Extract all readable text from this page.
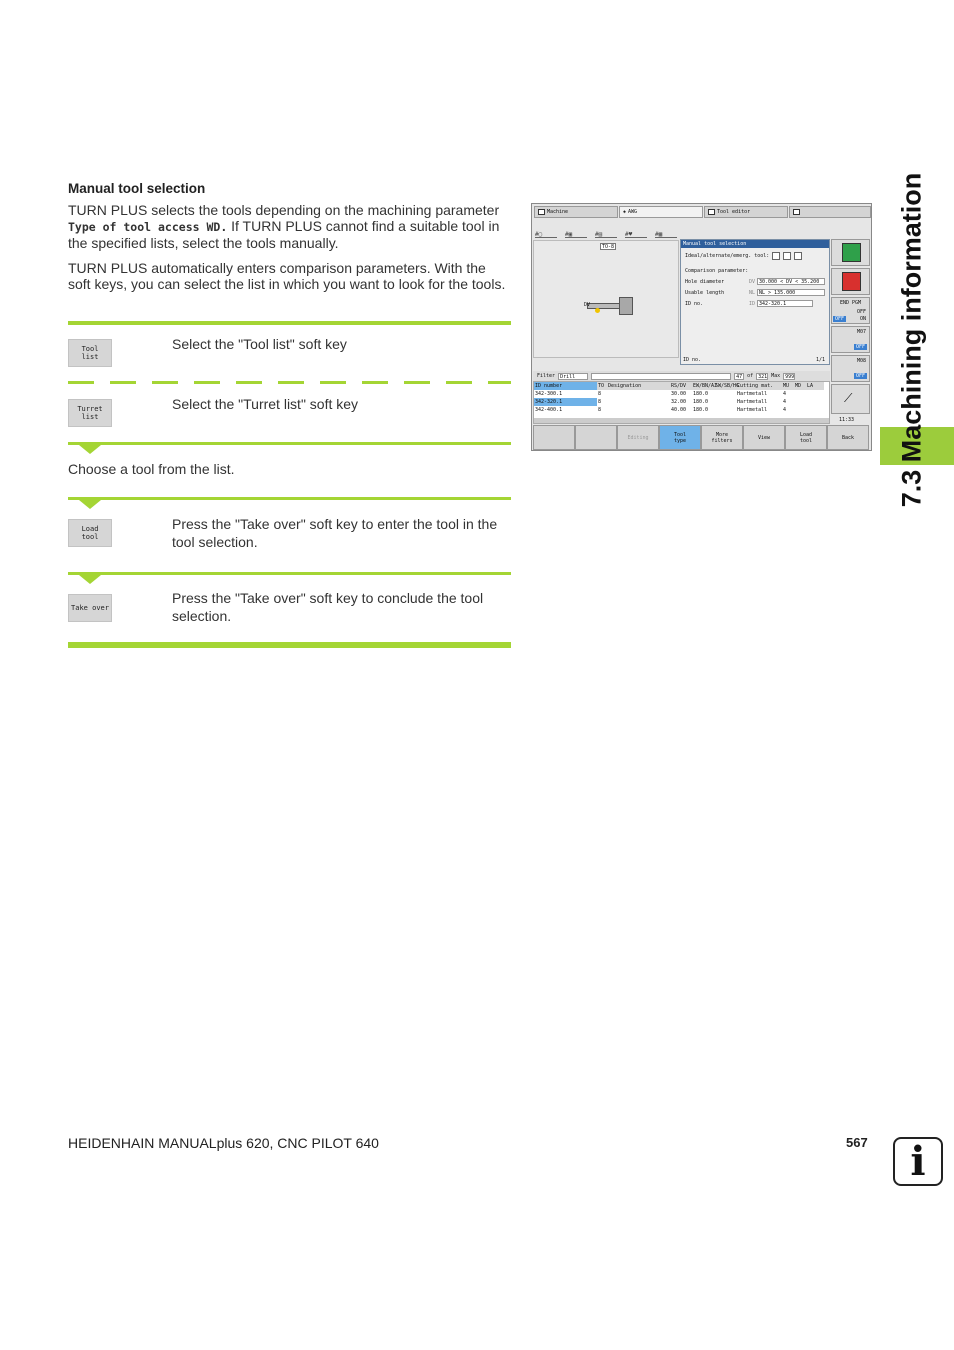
7.3 Machining information
Manual tool selection
TURN PLUS selects the tools depending on the machining parameter Type of tool access WD. If TURN PLUS cannot find a suitable tool in the specified lists, select the tools manually.
TURN PLUS automatically enters comparison parameters. With the soft keys, you can select the list in which you want to look for the tools.
Tool
list
Select the "Tool list" soft key
Turret
list
Select the "Turret list" soft key
Choose a tool from the list.
Load
tool
Press the "Take over" soft key to enter the tool in the tool selection.
Take over
Press the "Take over" soft key to conclude the tool selection.
Machine	◈ AWG	Tool editor
#▢	#▣	#▤	#♥	#▦
TO-8
DV
Manual tool selection
Ideal/alternate/emerg. tool:
Comparison parameter:
Hole diameter	DV 30.000 < DV < 35.200
Usable length	NL NL > 135.000
ID no.	ID 342-320.1
ID no.	1/1
END PGM
OFF
OFF	ON
M07
OFF
M08
OFF
⟋
11:33
Filter	Drill	47 of	321 Max	999
ID number	TO Designation	RS/DV	EW/BN/AZ
SW/SB/HG
Cutting mat.	MU	MD	LA
342-300.1	8	30.00	180.0	Hartmetall	4
342-320.1	8	32.00	180.0	Hartmetall	4
342-400.1	8	40.00	180.0	Hartmetall	4
Editing	Tool
type
More
filters	View	Load
tool	Back
HEIDENHAIN MANUALplus 620, CNC PILOT 640	567	i
